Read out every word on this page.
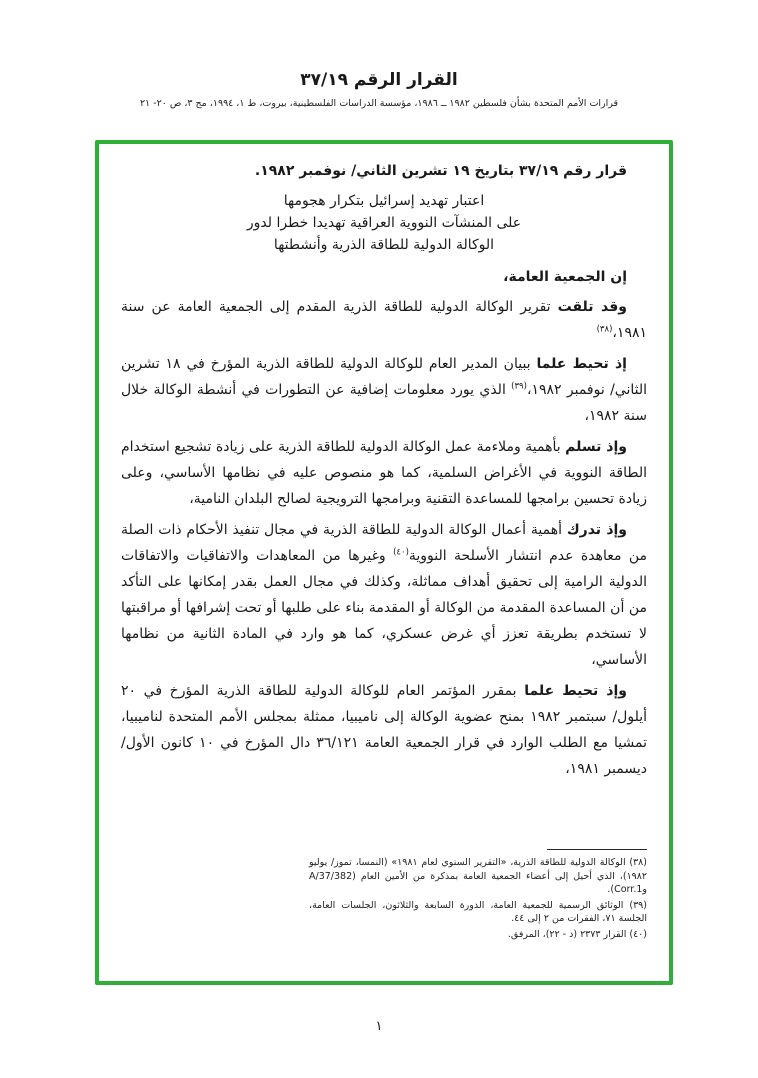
القرار الرقم ٣٧/١٩
قرارات الأمم المتحدة بشأن فلسطين ١٩٨٢ ــ ١٩٨٦، مؤسسة الدراسات الفلسطينية، بيروت، ط ١، ١٩٩٤، مج ٣، ص ٢٠- ٢١

قرار رقم ٣٧/١٩ بتاريخ ١٩ تشرين الثاني/ نوفمبر ١٩٨٢.

اعتبار تهديد إسرائيل بتكرار هجومها
على المنشآت النووية العراقية تهديدا خطرا لدور
الوكالة الدولية للطاقة الذرية وأنشطتها

إن الجمعية العامة،

وقد تلقت تقرير الوكالة الدولية للطاقة الذرية المقدم إلى الجمعية العامة عن سنة ١٩٨١،$^{(٣٨)}$

إذ تحيط علما ببيان المدير العام للوكالة الدولية للطاقة الذرية المؤرخ في ١٨ تشرين الثاني/ نوفمبر ١٩٨٢،$^{(٣٩)}$ الذي يورد معلومات إضافية عن التطورات في أنشطة الوكالة خلال سنة ١٩٨٢،

وإذ تسلم بأهمية وملاءمة عمل الوكالة الدولية للطاقة الذرية على زيادة تشجيع استخدام الطاقة النووية في الأغراض السلمية، كما هو منصوص عليه في نظامها الأساسي، وعلى زيادة تحسين برامجها للمساعدة التقنية وبرامجها الترويجية لصالح البلدان النامية،

وإذ تدرك أهمية أعمال الوكالة الدولية للطاقة الذرية في مجال تنفيذ الأحكام ذات الصلة من معاهدة عدم انتشار الأسلحة النووية$^{(٤٠)}$ وغيرها من المعاهدات والاتفاقيات والاتفاقات الدولية الرامية إلى تحقيق أهداف مماثلة، وكذلك في مجال العمل بقدر إمكانها على التأكد من أن المساعدة المقدمة من الوكالة أو المقدمة بناء على طلبها أو تحت إشرافها أو مراقبتها لا تستخدم بطريقة تعزز أي غرض عسكري، كما هو وارد في المادة الثانية من نظامها الأساسي،

وإذ تحيط علما بمقرر المؤتمر العام للوكالة الدولية للطاقة الذرية المؤرخ في ٢٠ أيلول/ سبتمبر ١٩٨٢ بمنح عضوية الوكالة إلى ناميبيا، ممثلة بمجلس الأمم المتحدة لناميبيا، تمشيا مع الطلب الوارد في قرار الجمعية العامة ٣٦/١٢١ دال المؤرخ في ١٠ كانون الأول/ ديسمبر ١٩٨١،

(٣٨) الوكالة الدولية للطاقة الذرية، «التقرير السنوي لعام ١٩٨١» (النمسا، تموز/ يوليو ١٩٨٢)، الذي أحيل إلى أعضاء الجمعية العامة بمذكرة من الأمين العام (A/37/382 وCorr.1).

(٣٩) الوثائق الرسمية للجمعية العامة، الدورة السابعة والثلاثون، الجلسات العامة، الجلسة ٧١، الفقرات من ٢ إلى ٤٤.

(٤٠) القرار ٢٣٧٣ (د - ٢٢)، المرفق.

١
